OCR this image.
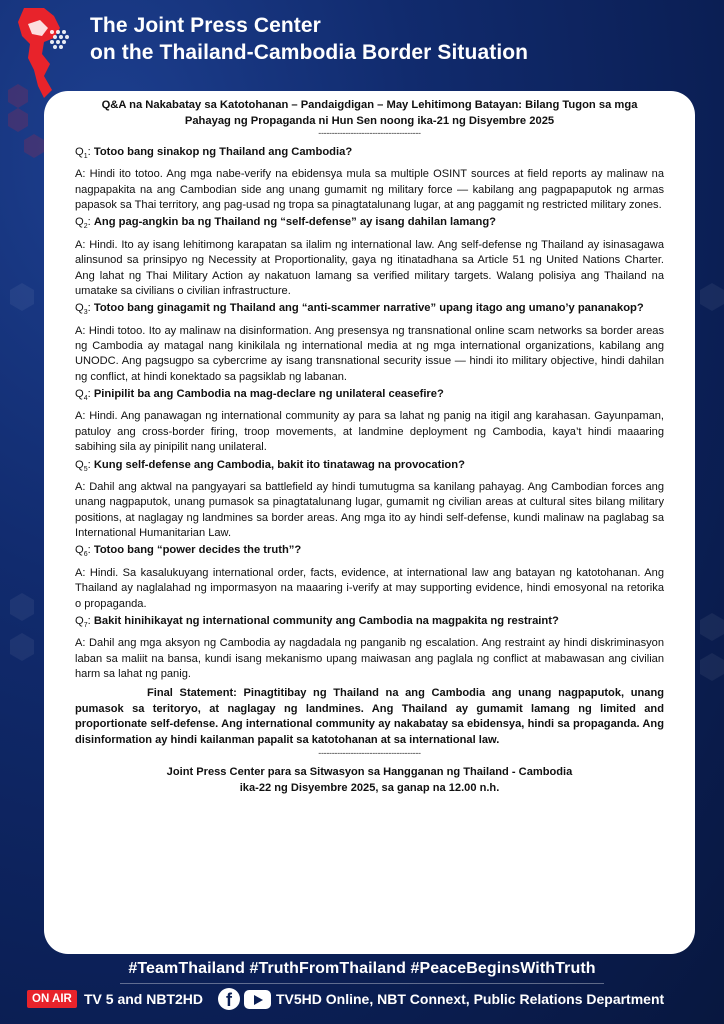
The Joint Press Center
on the Thailand-Cambodia Border Situation

Q&A na Nakabatay sa Katotohanan – Pandaigdigan – May Lehitimong Batayan: Bilang Tugon sa mga
Pahayag ng Propaganda ni Hun Sen noong ika-21 ng Disyembre 2025

--------------------------------------

$Q_1$: Totoo bang sinakop ng Thailand ang Cambodia?

A: Hindi ito totoo. Ang mga nabe-verify na ebidensya mula sa multiple OSINT sources at field reports ay malinaw na nagpapakita na ang Cambodian side ang unang gumamit ng military force — kabilang ang pagpapaputok ng armas papasok sa Thai territory, ang pag-usad ng tropa sa pinagtatalunang lugar, at ang paggamit ng restricted military zones.

$Q_2$: Ang pag-angkin ba ng Thailand ng “self-defense” ay isang dahilan lamang?

A: Hindi. Ito ay isang lehitimong karapatan sa ilalim ng international law. Ang self-defense ng Thailand ay isinasagawa alinsunod sa prinsipyo ng Necessity at Proportionality, gaya ng itinatadhana sa Article 51 ng United Nations Charter. Ang lahat ng Thai Military Action ay nakatuon lamang sa verified military targets. Walang polisiya ang Thailand na umatake sa civilians o civilian infrastructure.

$Q_3$: Totoo bang ginagamit ng Thailand ang “anti-scammer narrative” upang itago ang umano’y pananakop?

A: Hindi totoo. Ito ay malinaw na disinformation. Ang presensya ng transnational online scam networks sa border areas ng Cambodia ay matagal nang kinikilala ng international media at ng mga international organizations, kabilang ang UNODC. Ang pagsugpo sa cybercrime ay isang transnational security issue — hindi ito military objective, hindi dahilan ng conflict, at hindi konektado sa pagsiklab ng labanan.

$Q_4$: Pinipilit ba ang Cambodia na mag-declare ng unilateral ceasefire?

A: Hindi. Ang panawagan ng international community ay para sa lahat ng panig na itigil ang karahasan. Gayunpaman, patuloy ang cross-border firing, troop movements, at landmine deployment ng Cambodia, kaya’t hindi maaaring sabihing sila ay pinipilit nang unilateral.

$Q_5$: Kung self-defense ang Cambodia, bakit ito tinatawag na provocation?

A: Dahil ang aktwal na pangyayari sa battlefield ay hindi tumutugma sa kanilang pahayag. Ang Cambodian forces ang unang nagpaputok, unang pumasok sa pinagtatalunang lugar, gumamit ng civilian areas at cultural sites bilang military positions, at naglagay ng landmines sa border areas. Ang mga ito ay hindi self-defense, kundi malinaw na paglabag sa International Humanitarian Law.

$Q_6$: Totoo bang “power decides the truth”?

A: Hindi. Sa kasalukuyang international order, facts, evidence, at international law ang batayan ng katotohanan. Ang Thailand ay naglalahad ng impormasyon na maaaring i-verify at may supporting evidence, hindi emosyonal na retorika o propaganda.

$Q_7$: Bakit hinihikayat ng international community ang Cambodia na magpakita ng restraint?

A: Dahil ang mga aksyon ng Cambodia ay nagdadala ng panganib ng escalation. Ang restraint ay hindi diskriminasyon laban sa maliit na bansa, kundi isang mekanismo upang maiwasan ang paglala ng conflict at mabawasan ang civilian harm sa lahat ng panig.

Final Statement: Pinagtitibay ng Thailand na ang Cambodia ang unang nagpaputok, unang pumasok sa teritoryo, at naglagay ng landmines. Ang Thailand ay gumamit lamang ng limited and proportionate self-defense. Ang international community ay nakabatay sa ebidensya, hindi sa propaganda. Ang disinformation ay hindi kailanman papalit sa katotohanan at sa international law.

--------------------------------------

Joint Press Center para sa Sitwasyon sa Hangganan ng Thailand - Cambodia
ika-22 ng Disyembre 2025, sa ganap na 12.00 n.h.

#TeamThailand #TruthFromThailand #PeaceBeginsWithTruth
ON AIR TV 5 and NBT2HD	f	TV5HD Online, NBT Connext, Public Relations Department
